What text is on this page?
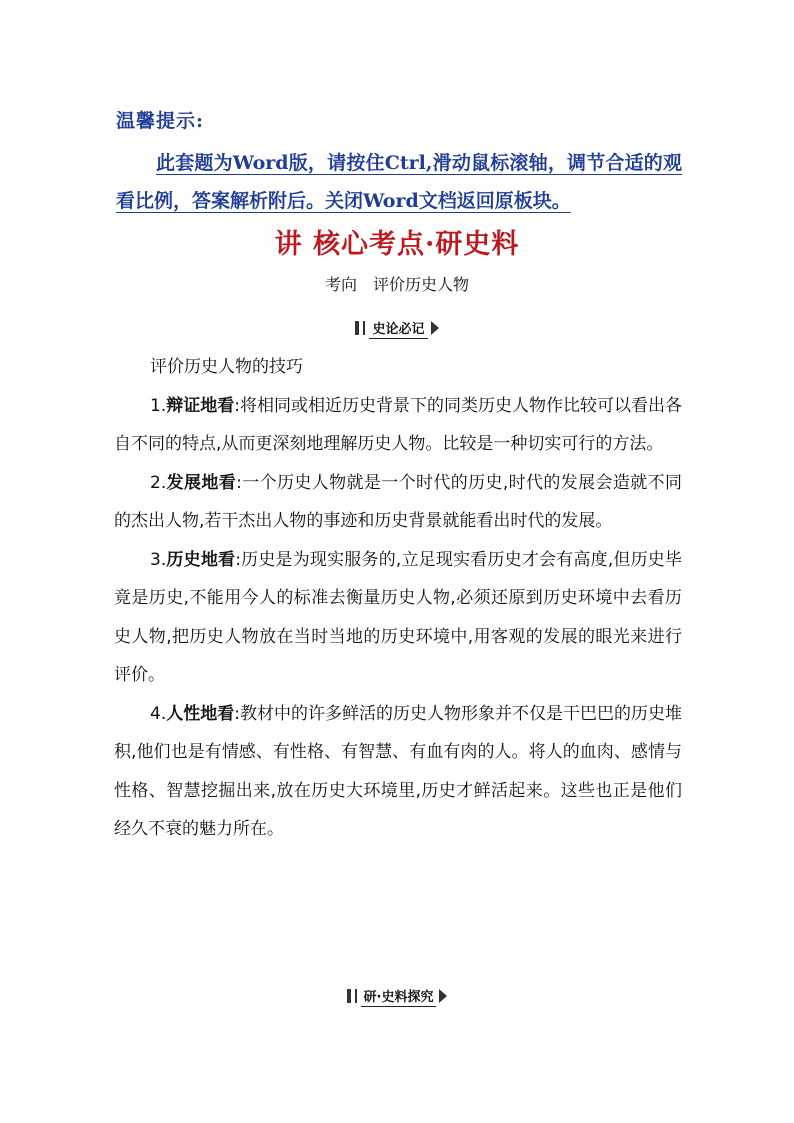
温馨提示:
此套题为Word版，请按住Ctrl,滑动鼠标滚轴，调节合适的观看比例，答案解析附后。关闭Word文档返回原板块。
讲 核心考点·研史料
考向 评价历史人物
史论必记

评价历史人物的技巧

1.辩证地看:将相同或相近历史背景下的同类历史人物作比较可以看出各自不同的特点,从而更深刻地理解历史人物。比较是一种切实可行的方法。

2.发展地看:一个历史人物就是一个时代的历史,时代的发展会造就不同的杰出人物,若干杰出人物的事迹和历史背景就能看出时代的发展。

3.历史地看:历史是为现实服务的,立足现实看历史才会有高度,但历史毕竟是历史,不能用今人的标准去衡量历史人物,必须还原到历史环境中去看历史人物,把历史人物放在当时当地的历史环境中,用客观的发展的眼光来进行评价。

4.人性地看:教材中的许多鲜活的历史人物形象并不仅是干巴巴的历史堆积,他们也是有情感、有性格、有智慧、有血有肉的人。将人的血肉、感情与性格、智慧挖掘出来,放在历史大环境里,历史才鲜活起来。这些也正是他们经久不衰的魅力所在。

研·史料探究
